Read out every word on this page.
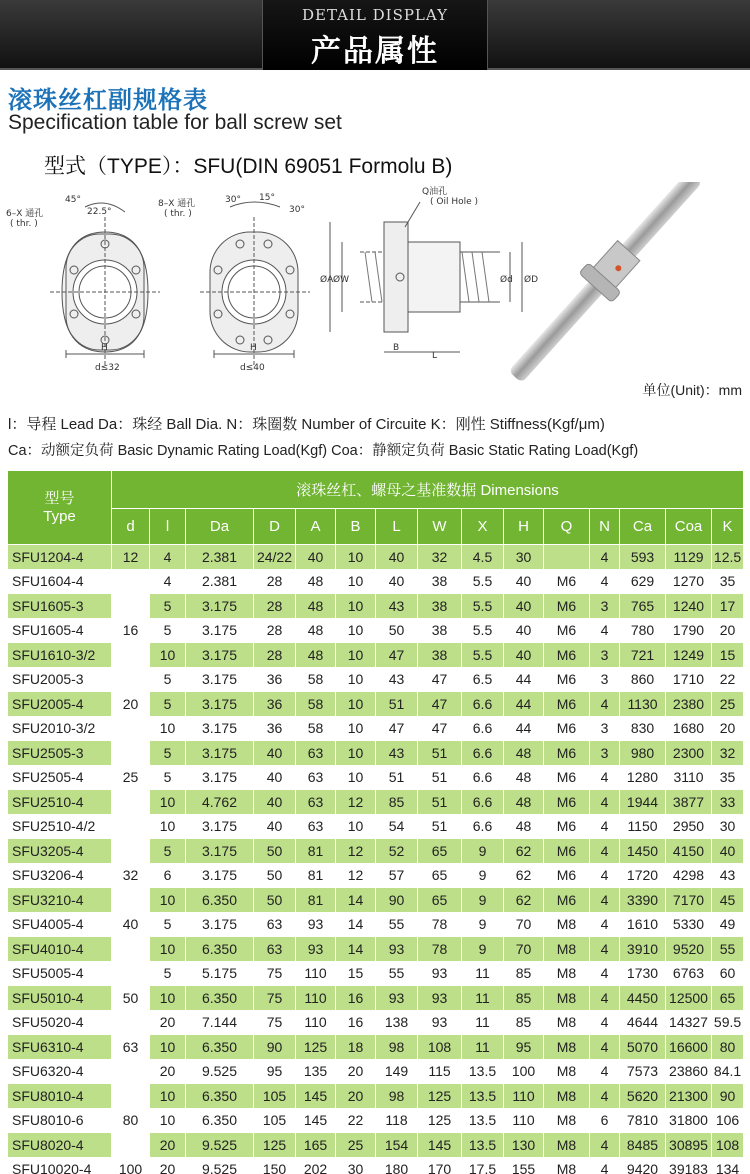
DETAIL DISPLAY
产品属性
滚珠丝杠副规格表
Specification table for ball screw set
型式（TYPE）：SFU(DIN 69051 Formolu B)
45°
22.5°
6–X 通孔
( thr. )
H
d≤32
8–X 通孔
( thr. )
30° 15°
30°
H
d≤40
Q油孔
( Oil Hole )
ØA ØW	Ød ØD
B
L
单位(Unit)：mm
l：导程 Lead Da：珠经 Ball Dia. N：珠圈数 Number of Circuite K：刚性 Stiffness(Kgf/μm)
Ca：动额定负荷 Basic Dynamic Rating Load(Kgf) Coa：静额定负荷 Basic Static Rating Load(Kgf)
型号
Type	滚珠丝杠、螺母之基准数据 Dimensions														
	d	l	Da	D	A	B	L	W	X	H	Q	N	Ca	Coa	K
SFU1204-4	12	4	2.381	24/22	40	10	40	32	4.5	30		4	593	1129	12.5
SFU1604-4		4	2.381	28	48	10	40	38	5.5	40	M6	4	629	1270	35
SFU1605-3		5	3.175	28	48	10	43	38	5.5	40	M6	3	765	1240	17
SFU1605-4	16	5	3.175	28	48	10	50	38	5.5	40	M6	4	780	1790	20
SFU1610-3/2		10	3.175	28	48	10	47	38	5.5	40	M6	3	721	1249	15
SFU2005-3		5	3.175	36	58	10	43	47	6.5	44	M6	3	860	1710	22
SFU2005-4	20	5	3.175	36	58	10	51	47	6.6	44	M6	4	1130	2380	25
SFU2010-3/2		10	3.175	36	58	10	47	47	6.6	44	M6	3	830	1680	20
SFU2505-3		5	3.175	40	63	10	43	51	6.6	48	M6	3	980	2300	32
SFU2505-4	25	5	3.175	40	63	10	51	51	6.6	48	M6	4	1280	3110	35
SFU2510-4		10	4.762	40	63	12	85	51	6.6	48	M6	4	1944	3877	33
SFU2510-4/2		10	3.175	40	63	10	54	51	6.6	48	M6	4	1150	2950	30
SFU3205-4		5	3.175	50	81	12	52	65	9	62	M6	4	1450	4150	40
SFU3206-4	32	6	3.175	50	81	12	57	65	9	62	M6	4	1720	4298	43
SFU3210-4		10	6.350	50	81	14	90	65	9	62	M6	4	3390	7170	45
SFU4005-4	40	5	3.175	63	93	14	55	78	9	70	M8	4	1610	5330	49
SFU4010-4		10	6.350	63	93	14	93	78	9	70	M8	4	3910	9520	55
SFU5005-4		5	5.175	75	110	15	55	93	11	85	M8	4	1730	6763	60
SFU5010-4	50	10	6.350	75	110	16	93	93	11	85	M8	4	4450	12500	65
SFU5020-4		20	7.144	75	110	16	138	93	11	85	M8	4	4644	14327	59.5
SFU6310-4	63	10	6.350	90	125	18	98	108	11	95	M8	4	5070	16600	80
SFU6320-4		20	9.525	95	135	20	149	115	13.5	100	M8	4	7573	23860	84.1
SFU8010-4		10	6.350	105	145	20	98	125	13.5	110	M8	4	5620	21300	90
SFU8010-6	80	10	6.350	105	145	22	118	125	13.5	110	M8	6	7810	31800	106
SFU8020-4		20	9.525	125	165	25	154	145	13.5	130	M8	4	8485	30895	108
SFU10020-4	100	20	9.525	150	202	30	180	170	17.5	155	M8	4	9420	39183	134
